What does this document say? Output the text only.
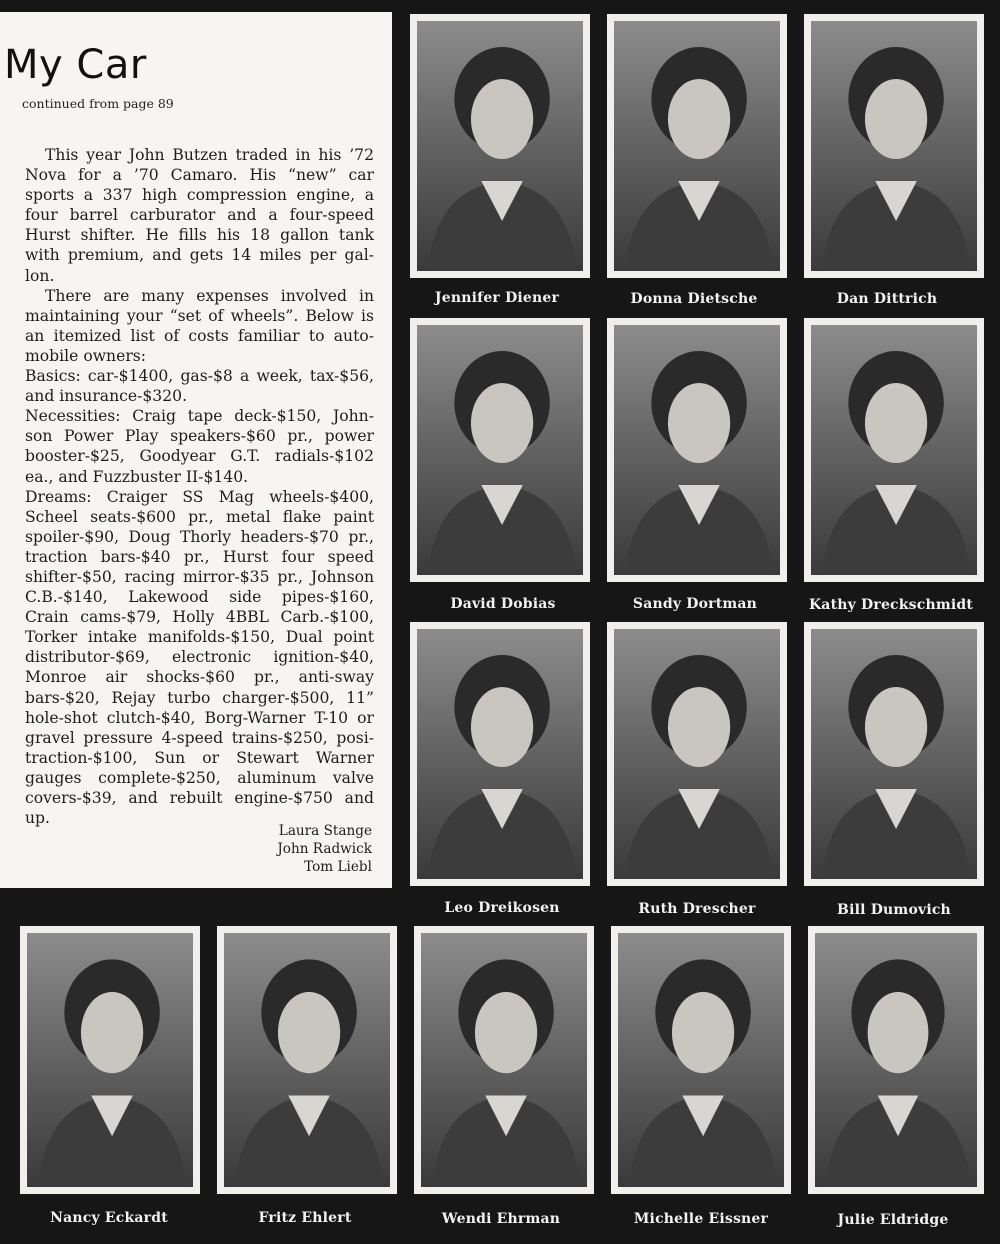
My Car
continued from page 89

This year John Butzen traded in his ’72 Nova for a ’70 Camaro. His “new” car sports a 337 high compression engine, a four barrel carburator and a four-speed Hurst shifter. He fills his 18 gallon tank with premium, and gets 14 miles per gal-lon.

There are many expenses involved in maintaining your “set of wheels”. Below is an itemized list of costs familiar to auto-mobile owners:

Basics: car-$1400, gas-$8 a week, tax-$56, and insurance-$320.

Necessities: Craig tape deck-$150, John-son Power Play speakers-$60 pr., power booster-$25, Goodyear G.T. radials-$102 ea., and Fuzzbuster II-$140.

Dreams: Craiger SS Mag wheels-$400, Scheel seats-$600 pr., metal flake paint spoiler-$90, Doug Thorly headers-$70 pr., traction bars-$40 pr., Hurst four speed shifter-$50, racing mirror-$35 pr., Johnson C.B.-$140, Lakewood side pipes-$160, Crain cams-$79, Holly 4BBL Carb.-$100, Torker intake manifolds-$150, Dual point distributor-$69, electronic ignition-$40, Monroe air shocks-$60 pr., anti-sway bars-$20, Rejay turbo charger-$500, 11” hole-shot clutch-$40, Borg-Warner T-10 or gravel pressure 4-speed trains-$250, posi-traction-$100, Sun or Stewart Warner gauges complete-$250, aluminum valve covers-$39, and rebuilt engine-$750 and up.

Laura Stange
John Radwick
Tom Liebl
Jennifer Diener	Donna Dietsche	Dan Dittrich
David Dobias	Sandy Dortman	Kathy Dreckschmidt
Leo Dreikosen	Ruth Drescher	Bill Dumovich
Nancy Eckardt	Fritz Ehlert	Wendi Ehrman	Michelle Eissner	Julie Eldridge
